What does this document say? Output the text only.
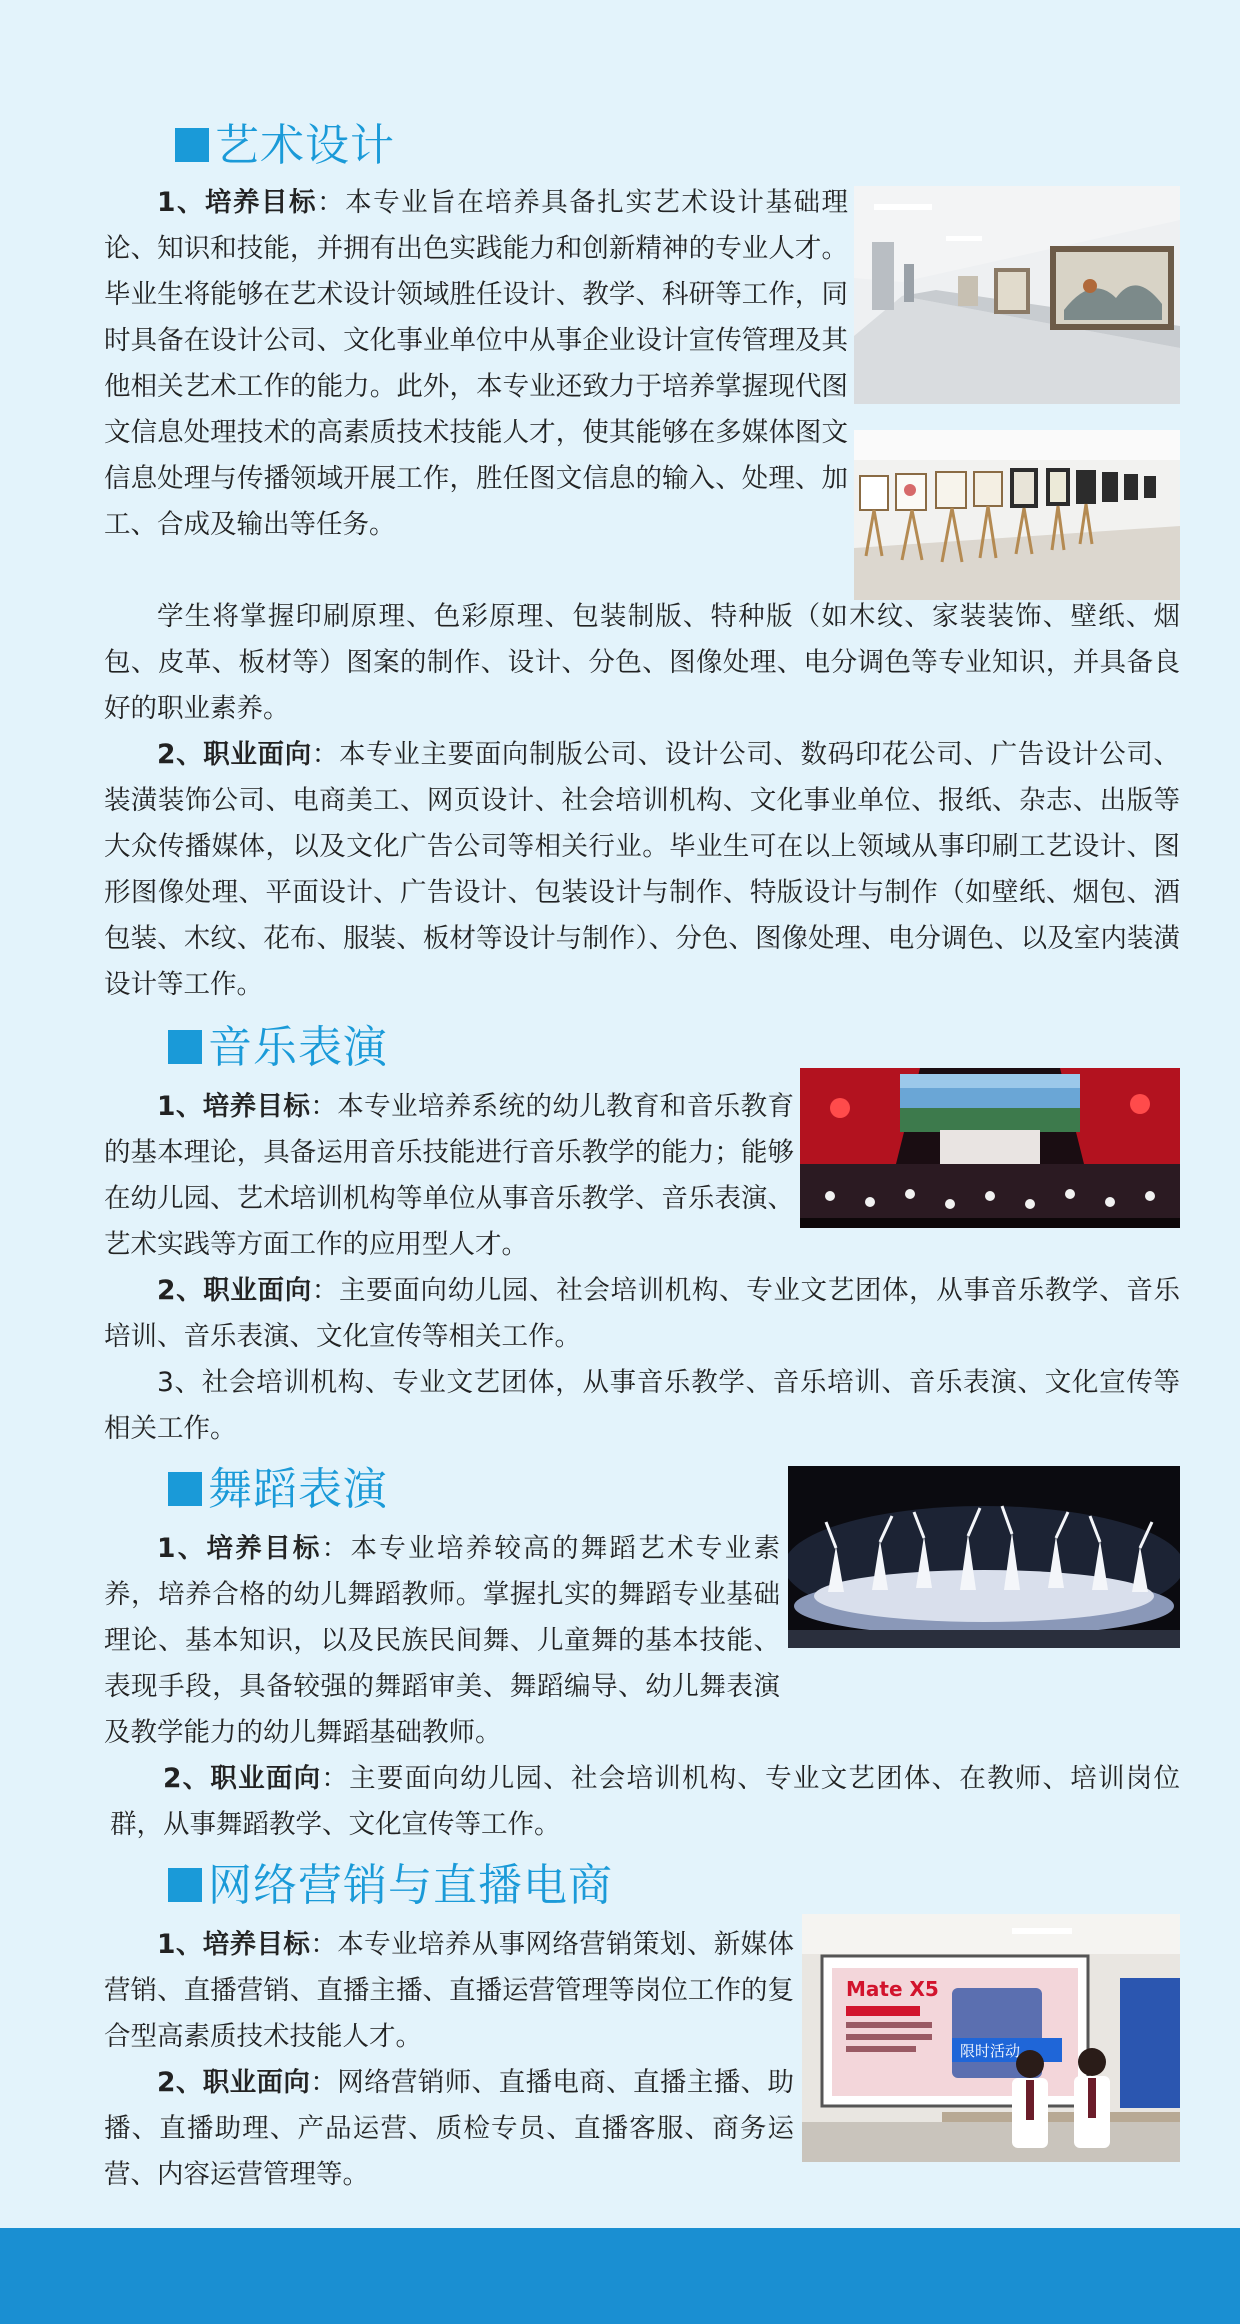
艺术设计

1、培养目标：本专业旨在培养具备扎实艺术设计基础理论、知识和技能，并拥有出色实践能力和创新精神的专业人才。毕业生将能够在艺术设计领域胜任设计、教学、科研等工作，同时具备在设计公司、文化事业单位中从事企业设计宣传管理及其他相关艺术工作的能力。此外，本专业还致力于培养掌握现代图文信息处理技术的高素质技术技能人才，使其能够在多媒体图文信息处理与传播领域开展工作，胜任图文信息的输入、处理、加工、合成及输出等任务。

学生将掌握印刷原理、色彩原理、包装制版、特种版（如木纹、家装装饰、壁纸、烟包、皮革、板材等）图案的制作、设计、分色、图像处理、电分调色等专业知识，并具备良好的职业素养。

2、职业面向：本专业主要面向制版公司、设计公司、数码印花公司、广告设计公司、装潢装饰公司、电商美工、网页设计、社会培训机构、文化事业单位、报纸、杂志、出版等大众传播媒体，以及文化广告公司等相关行业。毕业生可在以上领域从事印刷工艺设计、图形图像处理、平面设计、广告设计、包装设计与制作、特版设计与制作（如壁纸、烟包、酒包装、木纹、花布、服装、板材等设计与制作）、分色、图像处理、电分调色、以及室内装潢设计等工作。

音乐表演

1、培养目标：本专业培养系统的幼儿教育和音乐教育的基本理论，具备运用音乐技能进行音乐教学的能力；能够在幼儿园、艺术培训机构等单位从事音乐教学、音乐表演、艺术实践等方面工作的应用型人才。

2、职业面向：主要面向幼儿园、社会培训机构、专业文艺团体，从事音乐教学、音乐培训、音乐表演、文化宣传等相关工作。

3、社会培训机构、专业文艺团体，从事音乐教学、音乐培训、音乐表演、文化宣传等相关工作。

舞蹈表演

1、培养目标：本专业培养较高的舞蹈艺术专业素养，培养合格的幼儿舞蹈教师。掌握扎实的舞蹈专业基础理论、基本知识，以及民族民间舞、儿童舞的基本技能、表现手段，具备较强的舞蹈审美、舞蹈编导、幼儿舞表演及教学能力的幼儿舞蹈基础教师。

2、职业面向：主要面向幼儿园、社会培训机构、专业文艺团体、在教师、培训岗位群，从事舞蹈教学、文化宣传等工作。

网络营销与直播电商
Mate X5
限时活动

1、培养目标：本专业培养从事网络营销策划、新媒体营销、直播营销、直播主播、直播运营管理等岗位工作的复合型高素质技术技能人才。

2、职业面向：网络营销师、直播电商、直播主播、助播、直播助理、产品运营、质检专员、直播客服、商务运营、内容运营管理等。
